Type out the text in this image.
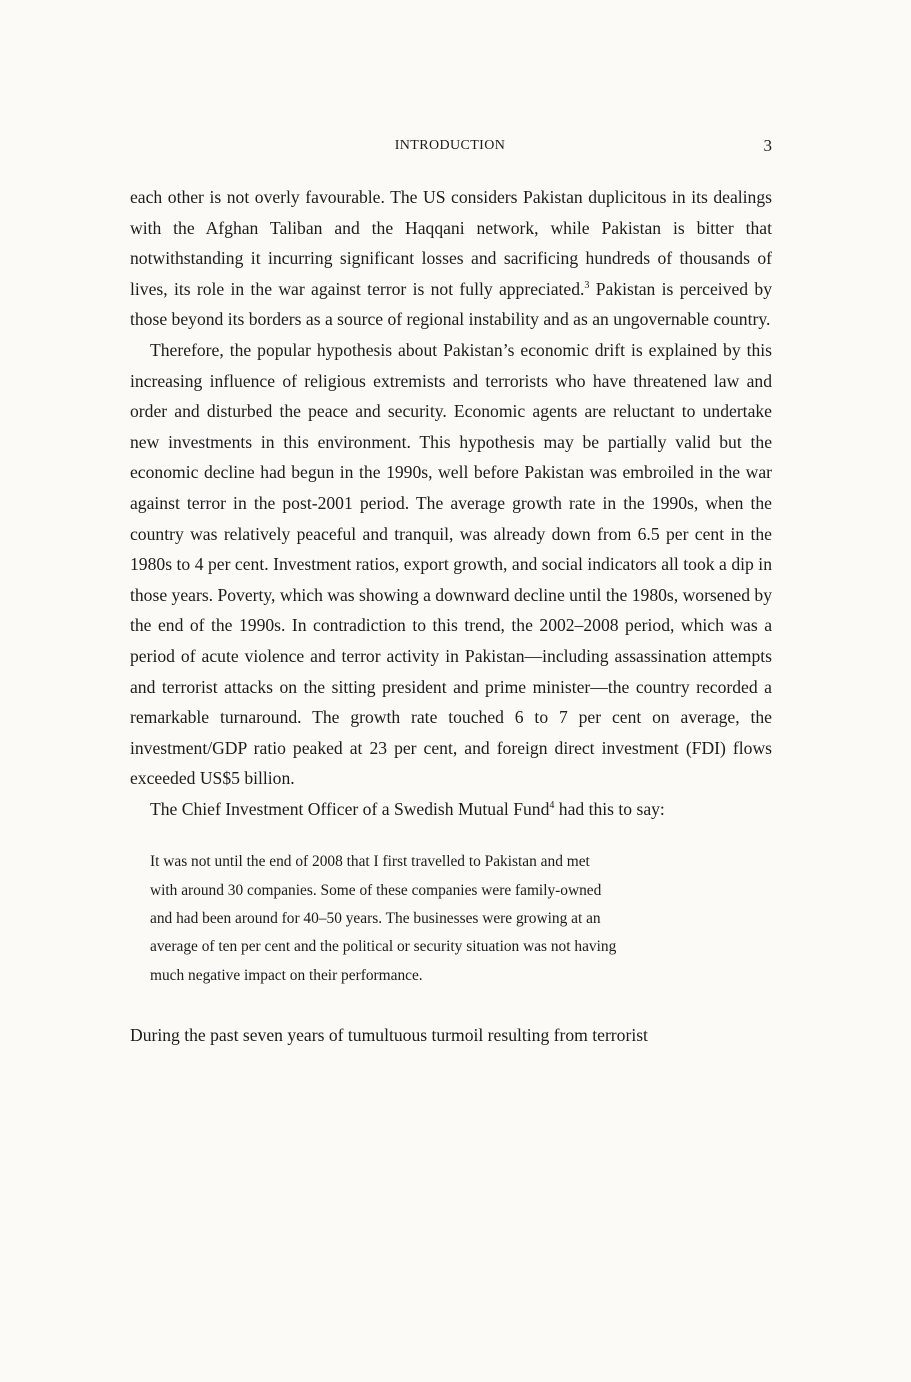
INTRODUCTION	3

each other is not overly favourable. The US considers Pakistan duplicitous in its dealings with the Afghan Taliban and the Haqqani network, while Pakistan is bitter that notwithstanding it incurring significant losses and sacrificing hundreds of thousands of lives, its role in the war against terror is not fully appreciated.$^3$ Pakistan is perceived by those beyond its borders as a source of regional instability and as an ungovernable country.

Therefore, the popular hypothesis about Pakistan’s economic drift is explained by this increasing influence of religious extremists and terrorists who have threatened law and order and disturbed the peace and security. Economic agents are reluctant to undertake new investments in this environment. This hypothesis may be partially valid but the economic decline had begun in the 1990s, well before Pakistan was embroiled in the war against terror in the post-2001 period. The average growth rate in the 1990s, when the country was relatively peaceful and tranquil, was already down from 6.5 per cent in the 1980s to 4 per cent. Investment ratios, export growth, and social indicators all took a dip in those years. Poverty, which was showing a downward decline until the 1980s, worsened by the end of the 1990s. In contradiction to this trend, the 2002–2008 period, which was a period of acute violence and terror activity in Pakistan—including assassination attempts and terrorist attacks on the sitting president and prime minister—the country recorded a remarkable turnaround. The growth rate touched 6 to 7 per cent on average, the investment/GDP ratio peaked at 23 per cent, and foreign direct investment (FDI) flows exceeded US$5 billion.

The Chief Investment Officer of a Swedish Mutual Fund$^4$ had this to say:

It was not until the end of 2008 that I first travelled to Pakistan and met
with around 30 companies. Some of these companies were family-owned
and had been around for 40–50 years. The businesses were growing at an
average of ten per cent and the political or security situation was not having
much negative impact on their performance.

During the past seven years of tumultuous turmoil resulting from terrorist
